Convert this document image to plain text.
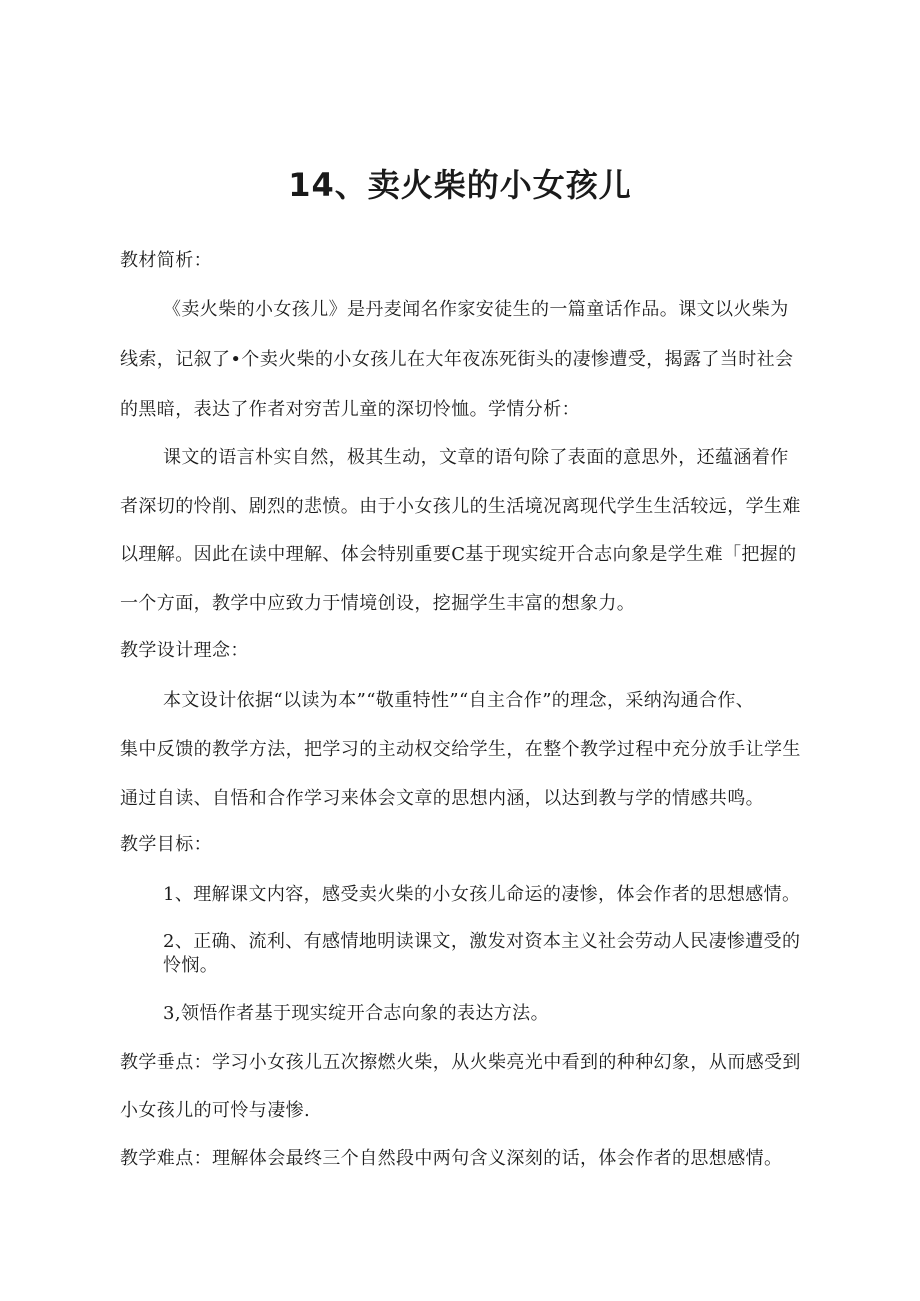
14、卖火柴的小女孩儿
教材简析：
《卖火柴的小女孩儿》是丹麦闻名作家安徒生的一篇童话作品。课文以火柴为
线索，记叙了•个卖火柴的小女孩儿在大年夜冻死街头的凄惨遭受，揭露了当时社会
的黑暗，表达了作者对穷苦儿童的深切怜恤。学情分析：
课文的语言朴实自然，极其生动，文章的语句除了表面的意思外，还蕴涵着作
者深切的怜削、剧烈的悲愤。由于小女孩儿的生活境况离现代学生生活较远，学生难
以理解。因此在读中理解、体会特别重要C基于现实绽开合志向象是学生难「把握的
一个方面，教学中应致力于情境创设，挖掘学生丰富的想象力。
教学设计理念：
本文设计依据“以读为本”“敬重特性”“自主合作”的理念，采纳沟通合作、
集中反馈的教学方法，把学习的主动权交给学生，在整个教学过程中充分放手让学生
通过自读、自悟和合作学习来体会文章的思想内涵，以达到教与学的情感共鸣。
教学目标：
1、理解课文内容，感受卖火柴的小女孩儿命运的凄惨，体会作者的思想感情。
2、正确、流利、有感情地明读课文，激发对资本主义社会劳动人民凄惨遭受的怜悯。
3,领悟作者基于现实绽开合志向象的表达方法。
教学垂点：学习小女孩儿五次擦燃火柴，从火柴亮光中看到的种种幻象，从而感受到
小女孩儿的可怜与凄惨.
教学难点：理解体会最终三个自然段中两句含义深刻的话，体会作者的思想感情。
